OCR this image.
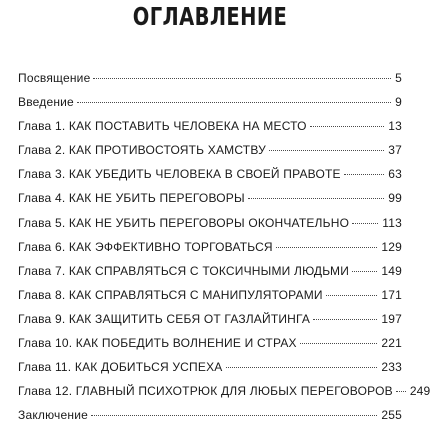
ОГЛАВЛЕНИЕ
Посвящение	5
Введение	9
Глава 1. КАК ПОСТАВИТЬ ЧЕЛОВЕКА НА МЕСТО	13
Глава 2. КАК ПРОТИВОСТОЯТЬ ХАМСТВУ	37
Глава 3. КАК УБЕДИТЬ ЧЕЛОВЕКА В СВОЕЙ ПРАВОТЕ	63
Глава 4. КАК НЕ УБИТЬ ПЕРЕГОВОРЫ	99
Глава 5. КАК НЕ УБИТЬ ПЕРЕГОВОРЫ ОКОНЧАТЕЛЬНО	113
Глава 6. КАК ЭФФЕКТИВНО ТОРГОВАТЬСЯ	129
Глава 7. КАК СПРАВЛЯТЬСЯ С ТОКСИЧНЫМИ ЛЮДЬМИ	149
Глава 8. КАК СПРАВЛЯТЬСЯ С МАНИПУЛЯТОРАМИ	171
Глава 9. КАК ЗАЩИТИТЬ СЕБЯ ОТ ГАЗЛАЙТИНГА	197
Глава 10. КАК ПОБЕДИТЬ ВОЛНЕНИЕ И СТРАХ	221
Глава 11. КАК ДОБИТЬСЯ УСПЕХА	233
Глава 12. ГЛАВНЫЙ ПСИХОТРЮК ДЛЯ ЛЮБЫХ ПЕРЕГОВОРОВ 249
Заключение	255
